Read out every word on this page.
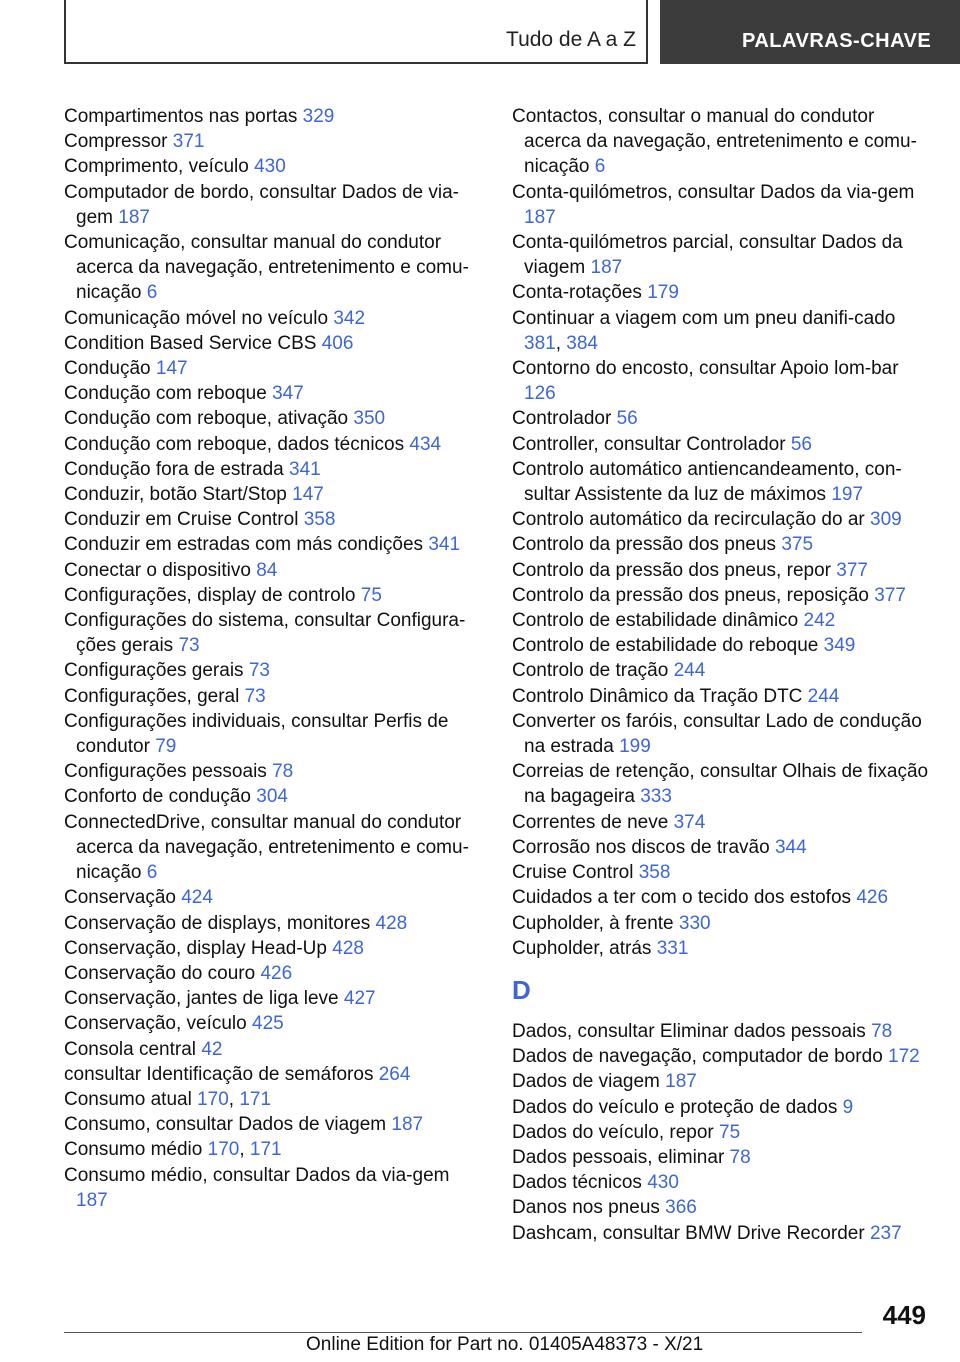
Tudo de A a Z	PALAVRAS-CHAVE
Compartimentos nas portas 329
Compressor 371
Comprimento, veículo 430
Computador de bordo, consultar Dados de via-gem 187
Comunicação, consultar manual do condutor acerca da navegação, entretenimento e comu-nicação 6
Comunicação móvel no veículo 342
Condition Based Service CBS 406
Condução 147
Condução com reboque 347
Condução com reboque, ativação 350
Condução com reboque, dados técnicos 434
Condução fora de estrada 341
Conduzir, botão Start/Stop 147
Conduzir em Cruise Control 358
Conduzir em estradas com más condições 341
Conectar o dispositivo 84
Configurações, display de controlo 75
Configurações do sistema, consultar Configura-ções gerais 73
Configurações gerais 73
Configurações, geral 73
Configurações individuais, consultar Perfis de condutor 79
Configurações pessoais 78
Conforto de condução 304
ConnectedDrive, consultar manual do condutor acerca da navegação, entretenimento e comu-nicação 6
Conservação 424
Conservação de displays, monitores 428
Conservação, display Head-Up 428
Conservação do couro 426
Conservação, jantes de liga leve 427
Conservação, veículo 425
Consola central 42
consultar Identificação de semáforos 264
Consumo atual 170, 171
Consumo, consultar Dados de viagem 187
Consumo médio 170, 171
Consumo médio, consultar Dados da via-gem 187
Contactos, consultar o manual do condutor acerca da navegação, entretenimento e comu-nicação 6
Conta-quilómetros, consultar Dados da via-gem 187
Conta-quilómetros parcial, consultar Dados da viagem 187
Conta-rotações 179
Continuar a viagem com um pneu danifi-cado 381, 384
Contorno do encosto, consultar Apoio lom-bar 126
Controlador 56
Controller, consultar Controlador 56
Controlo automático antiencandeamento, con-sultar Assistente da luz de máximos 197
Controlo automático da recirculação do ar 309
Controlo da pressão dos pneus 375
Controlo da pressão dos pneus, repor 377
Controlo da pressão dos pneus, reposição 377
Controlo de estabilidade dinâmico 242
Controlo de estabilidade do reboque 349
Controlo de tração 244
Controlo Dinâmico da Tração DTC 244
Converter os faróis, consultar Lado de condução na estrada 199
Correias de retenção, consultar Olhais de fixação na bagageira 333
Correntes de neve 374
Corrosão nos discos de travão 344
Cruise Control 358
Cuidados a ter com o tecido dos estofos 426
Cupholder, à frente 330
Cupholder, atrás 331
D
Dados, consultar Eliminar dados pessoais 78
Dados de navegação, computador de bordo 172
Dados de viagem 187
Dados do veículo e proteção de dados 9
Dados do veículo, repor 75
Dados pessoais, eliminar 78
Dados técnicos 430
Danos nos pneus 366
Dashcam, consultar BMW Drive Recorder 237
449
Online Edition for Part no. 01405A48373 - X/21
